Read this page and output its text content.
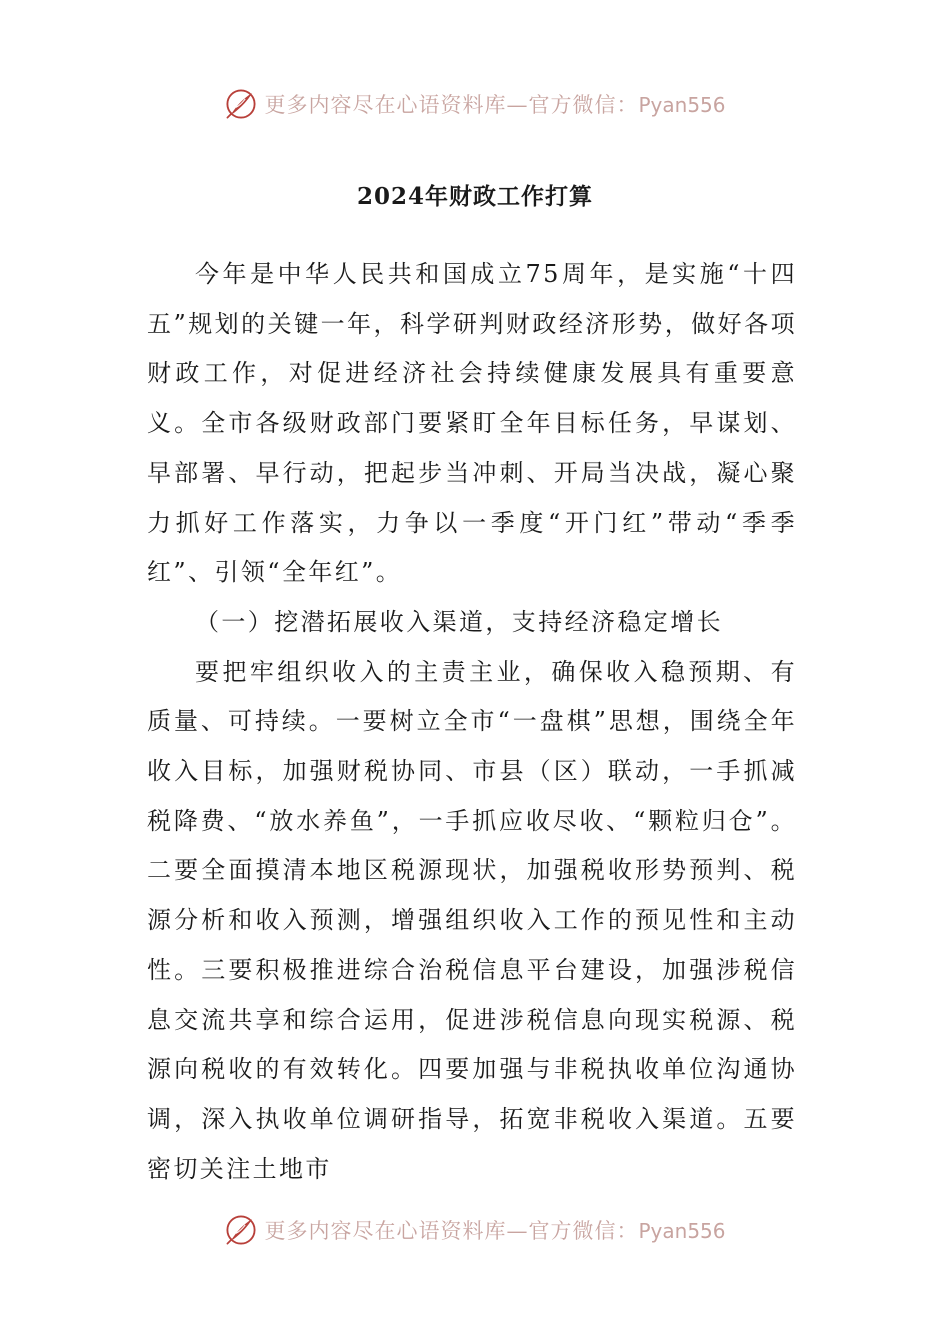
更多内容尽在心语资料库—官方微信：Pyan556
2024年财政工作打算

今年是中华人民共和国成立75周年，是实施“十四五”规划的关键一年，科学研判财政经济形势，做好各项财政工作，对促进经济社会持续健康发展具有重要意义。全市各级财政部门要紧盯全年目标任务，早谋划、早部署、早行动，把起步当冲刺、开局当决战，凝心聚力抓好工作落实，力争以一季度“开门红”带动“季季红”、引领“全年红”。

（一）挖潜拓展收入渠道，支持经济稳定增长

要把牢组织收入的主责主业，确保收入稳预期、有质量、可持续。一要树立全市“一盘棋”思想，围绕全年收入目标，加强财税协同、市县（区）联动，一手抓减税降费、“放水养鱼”，一手抓应收尽收、“颗粒归仓”。二要全面摸清本地区税源现状，加强税收形势预判、税源分析和收入预测，增强组织收入工作的预见性和主动性。三要积极推进综合治税信息平台建设，加强涉税信息交流共享和综合运用，促进涉税信息向现实税源、税源向税收的有效转化。四要加强与非税执收单位沟通协调，深入执收单位调研指导，拓宽非税收入渠道。五要密切关注土地市

更多内容尽在心语资料库—官方微信：Pyan556
